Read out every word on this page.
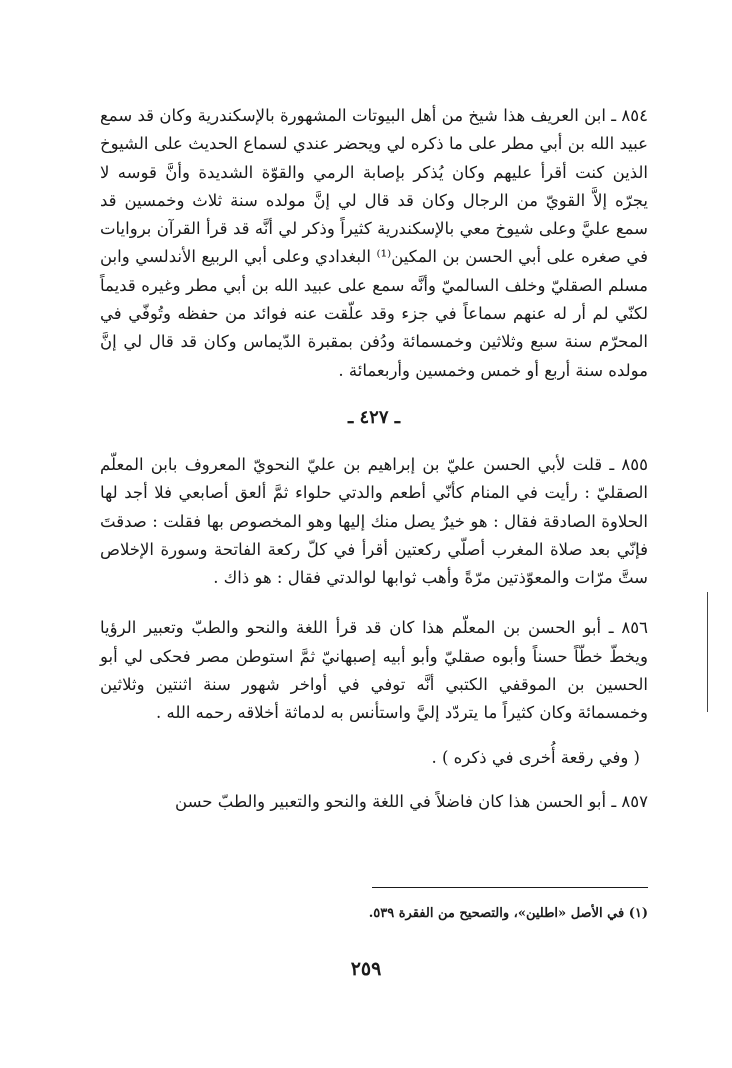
٨٥٤ ـ ابن العريف هذا شيخ من أهل البيوتات المشهورة بالإسكندرية وكان قد سمع عبيد الله بن أبي مطر على ما ذكره لي ويحضر عندي لسماع الحديث على الشيوخ الذين كنت أقرأ عليهم وكان يُذكر بإصابة الرمي والقوّة الشديدة وأنَّ قوسه لا يجرّه إلاَّ القويّ من الرجال وكان قد قال لي إنَّ مولده سنة ثلاث وخمسين قد سمع عليَّ وعلى شيوخ معي بالإسكندرية كثيراً وذكر لي أنَّه قد قرأ القرآن بروايات في صغره على أبي الحسن بن المكين⁽¹⁾ البغدادي وعلى أبي الربيع الأندلسي وابن مسلم الصقليّ وخلف السالميّ وأنَّه سمع على عبيد الله بن أبي مطر وغيره قديماً لكنّي لم أر له عنهم سماعاً في جزء وقد علّقت عنه فوائد من حفظه وتُوفّي في المحرّم سنة سبع وثلاثين وخمسمائة ودُفن بمقبرة الدّيماس وكان قد قال لي إنَّ مولده سنة أربع أو خمس وخمسين وأربعمائة .

ـ ٤٢٧ ـ

٨٥٥ ـ قلت لأبي الحسن عليّ بن إبراهيم بن عليّ النحويّ المعروف بابن المعلّم الصقليّ : رأيت في المنام كأنّي أطعم والدتي حلواء ثمَّ ألعق أصابعي فلا أجد لها الحلاوة الصادقة فقال : هو خيرٌ يصل منك إليها وهو المخصوص بها فقلت : صدقتَ فإنّي بعد صلاة المغرب أصلّي ركعتين أقرأ في كلّ ركعة الفاتحة وسورة الإخلاص ستَّ مرّات والمعوّذتين مرّةً وأهب ثوابها لوالدتي فقال : هو ذاك .

٨٥٦ ـ أبو الحسن بن المعلّم هذا كان قد قرأ اللغة والنحو والطبّ وتعبير الرؤيا ويخطّ خطّاً حسناً وأبوه صقليّ وأبو أبيه إصبهانيّ ثمَّ استوطن مصر فحكى لي أبو الحسين بن الموقفي الكتبي أنَّه توفي في أواخر شهور سنة اثنتين وثلاثين وخمسمائة وكان كثيراً ما يتردّد إليَّ واستأنس به لدماثة أخلاقه رحمه الله .

( وفي رقعة أُخرى في ذكره ) .

٨٥٧ ـ أبو الحسن هذا كان فاضلاً في اللغة والنحو والتعبير والطبّ حسن

(١) في الأصل «اطلين»، والتصحيح من الفقرة ٥٣٩.
٢٥٩
